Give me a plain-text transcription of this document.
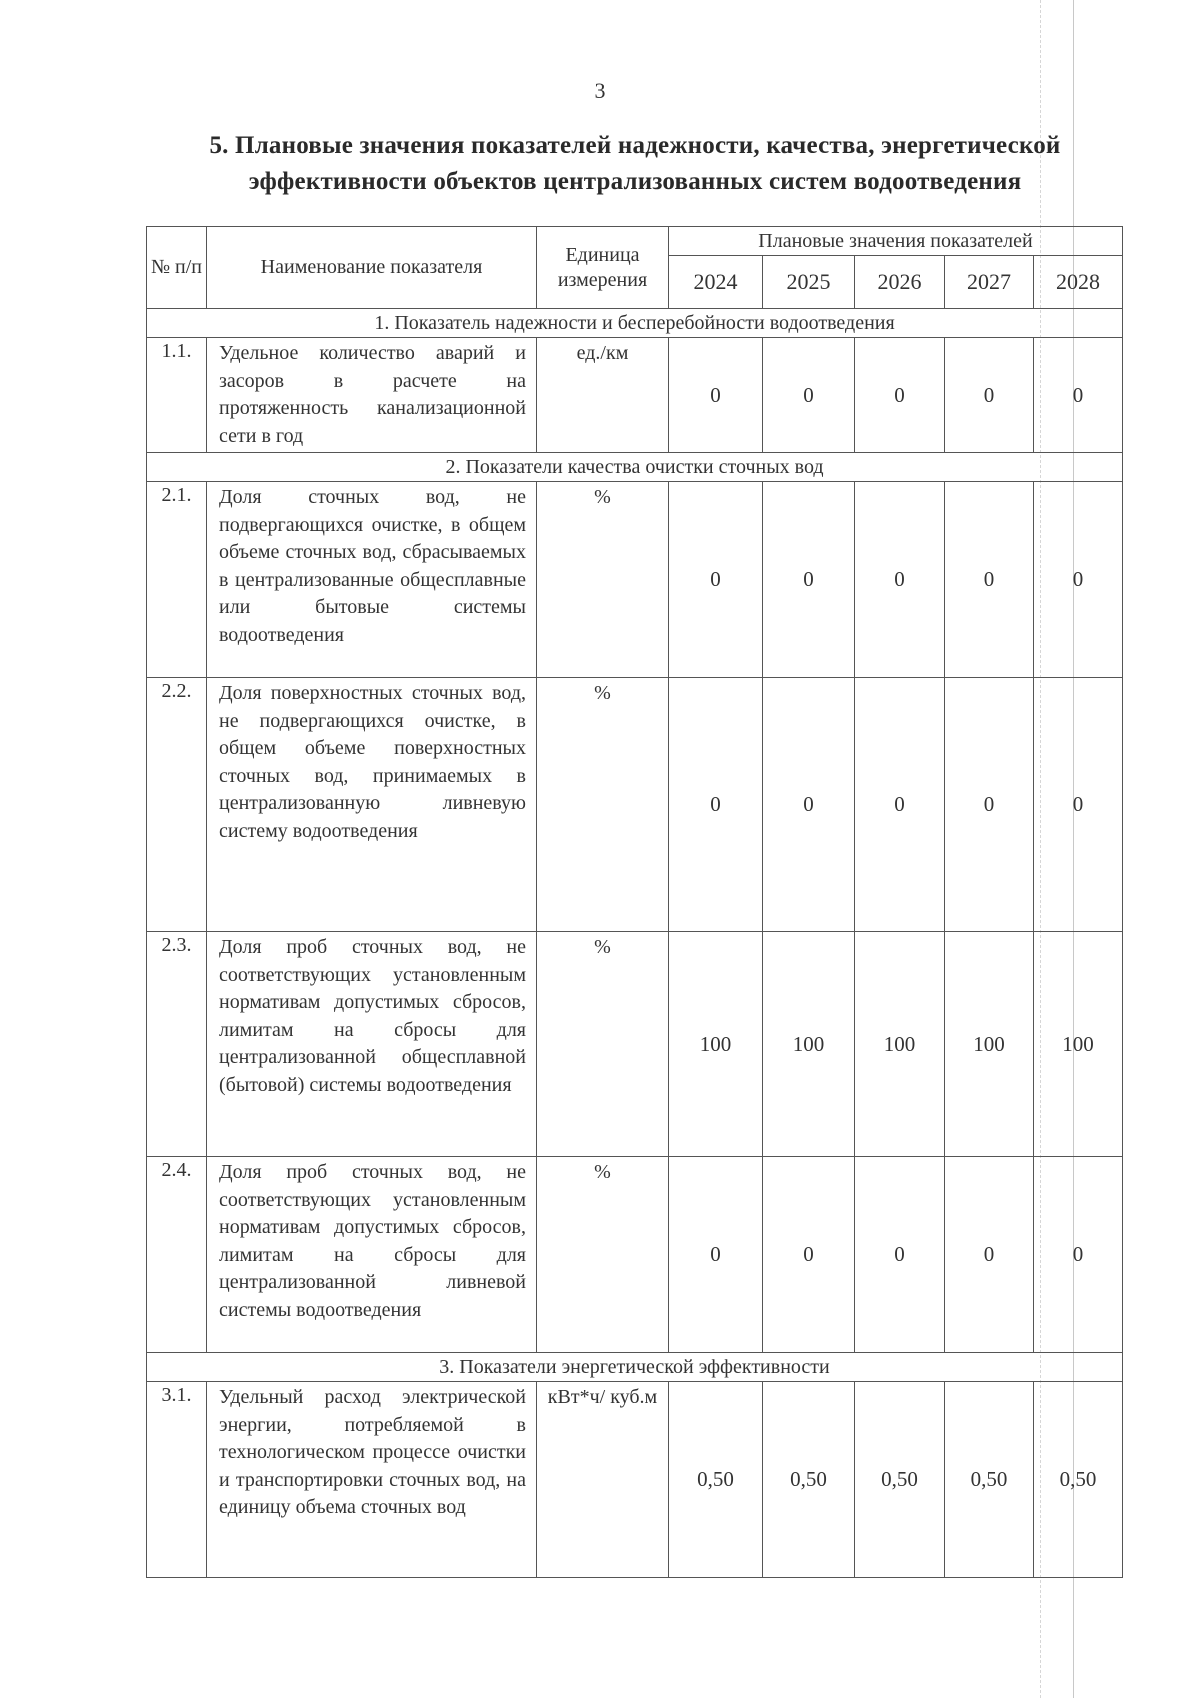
3
5. Плановые значения показателей надежности, качества, энергетической
эффективности объектов централизованных систем водоотведения
№ п/п	Наименование показателя	Единица измерения	Плановые значения показателей				
			2024	2025	2026	2027	2028
1. Показатель надежности и бесперебойности водоотведения							
1.1.	Удельное количество аварий и засоров в расчете на протяженность канализационной сети в год	ед./км	0	0	0	0	0
2. Показатели качества очистки сточных вод							
2.1.	Доля сточных вод, не подвергающихся очистке, в общем объеме сточных вод, сбрасываемых в централизованные общесплавные или бытовые системы водоотведения	%	0	0	0	0	0
2.2.	Доля поверхностных сточных вод, не подвергающихся очистке, в общем объеме поверхностных сточных вод, принимаемых в централизованную ливневую систему водоотведения	%	0	0	0	0	0
2.3.	Доля проб сточных вод, не соответствующих установленным нормативам допустимых сбросов, лимитам на сбросы для централизованной общесплавной (бытовой) системы водоотведения	%	100	100	100	100	100
2.4.	Доля проб сточных вод, не соответствующих установленным нормативам допустимых сбросов, лимитам на сбросы для централизованной ливневой системы водоотведения	%	0	0	0	0	0
3. Показатели энергетической эффективности							
3.1.	Удельный расход электрической энергии, потребляемой в технологическом процессе очистки и транспортировки сточных вод, на единицу объема сточных вод	кВт*ч/ куб.м	0,50	0,50	0,50	0,50	0,50
